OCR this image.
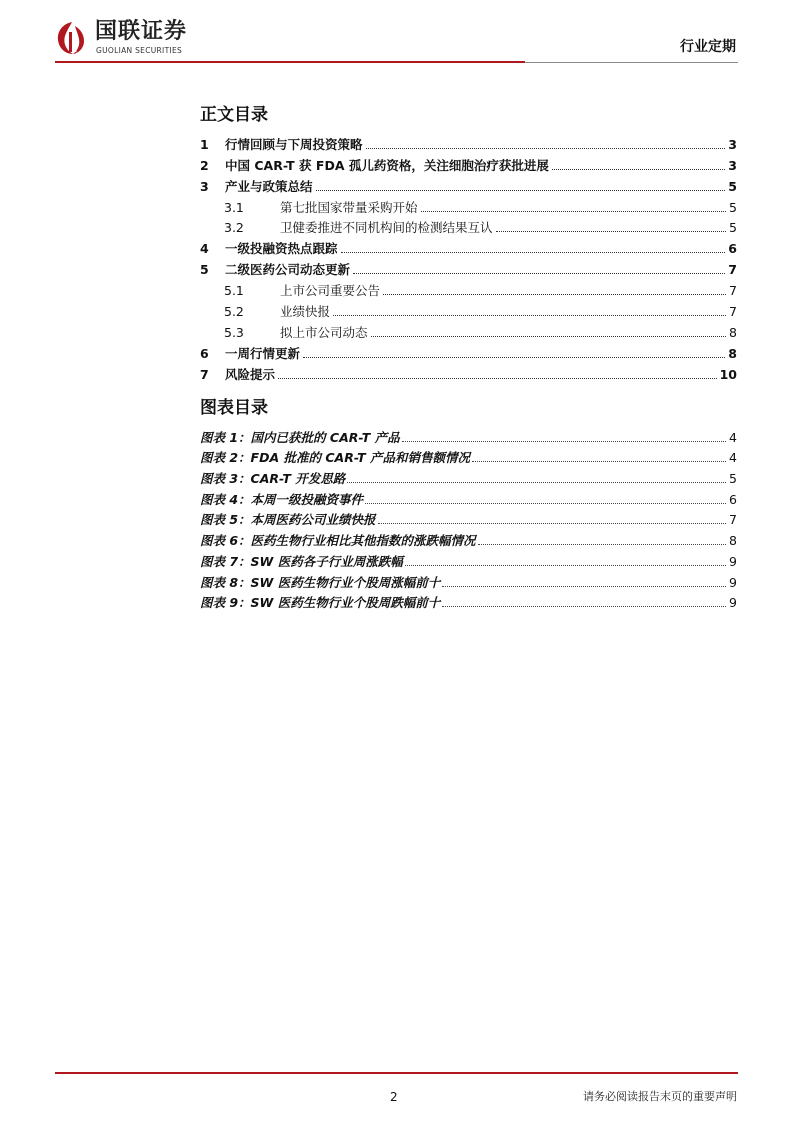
国联证券
GUOLIAN SECURITIES	行业定期
正文目录
1	行情回顾与下周投资策略	3
2	中国 CAR-T 获 FDA 孤儿药资格，关注细胞治疗获批进展	3
3	产业与政策总结	5
3.1	第七批国家带量采购开始	5
3.2	卫健委推进不同机构间的检测结果互认	5
4	一级投融资热点跟踪	6
5	二级医药公司动态更新	7
5.1	上市公司重要公告	7
5.2	业绩快报	7
5.3	拟上市公司动态	8
6	一周行情更新	8
7	风险提示	10
图表目录
图表 1：国内已获批的 CAR-T 产品	4
图表 2：FDA 批准的 CAR-T 产品和销售额情况	4
图表 3：CAR-T 开发思路	5
图表 4：本周一级投融资事件	6
图表 5：本周医药公司业绩快报	7
图表 6：医药生物行业相比其他指数的涨跌幅情况	8
图表 7：SW 医药各子行业周涨跌幅	9
图表 8：SW 医药生物行业个股周涨幅前十	9
图表 9：SW 医药生物行业个股周跌幅前十	9
2	请务必阅读报告末页的重要声明
